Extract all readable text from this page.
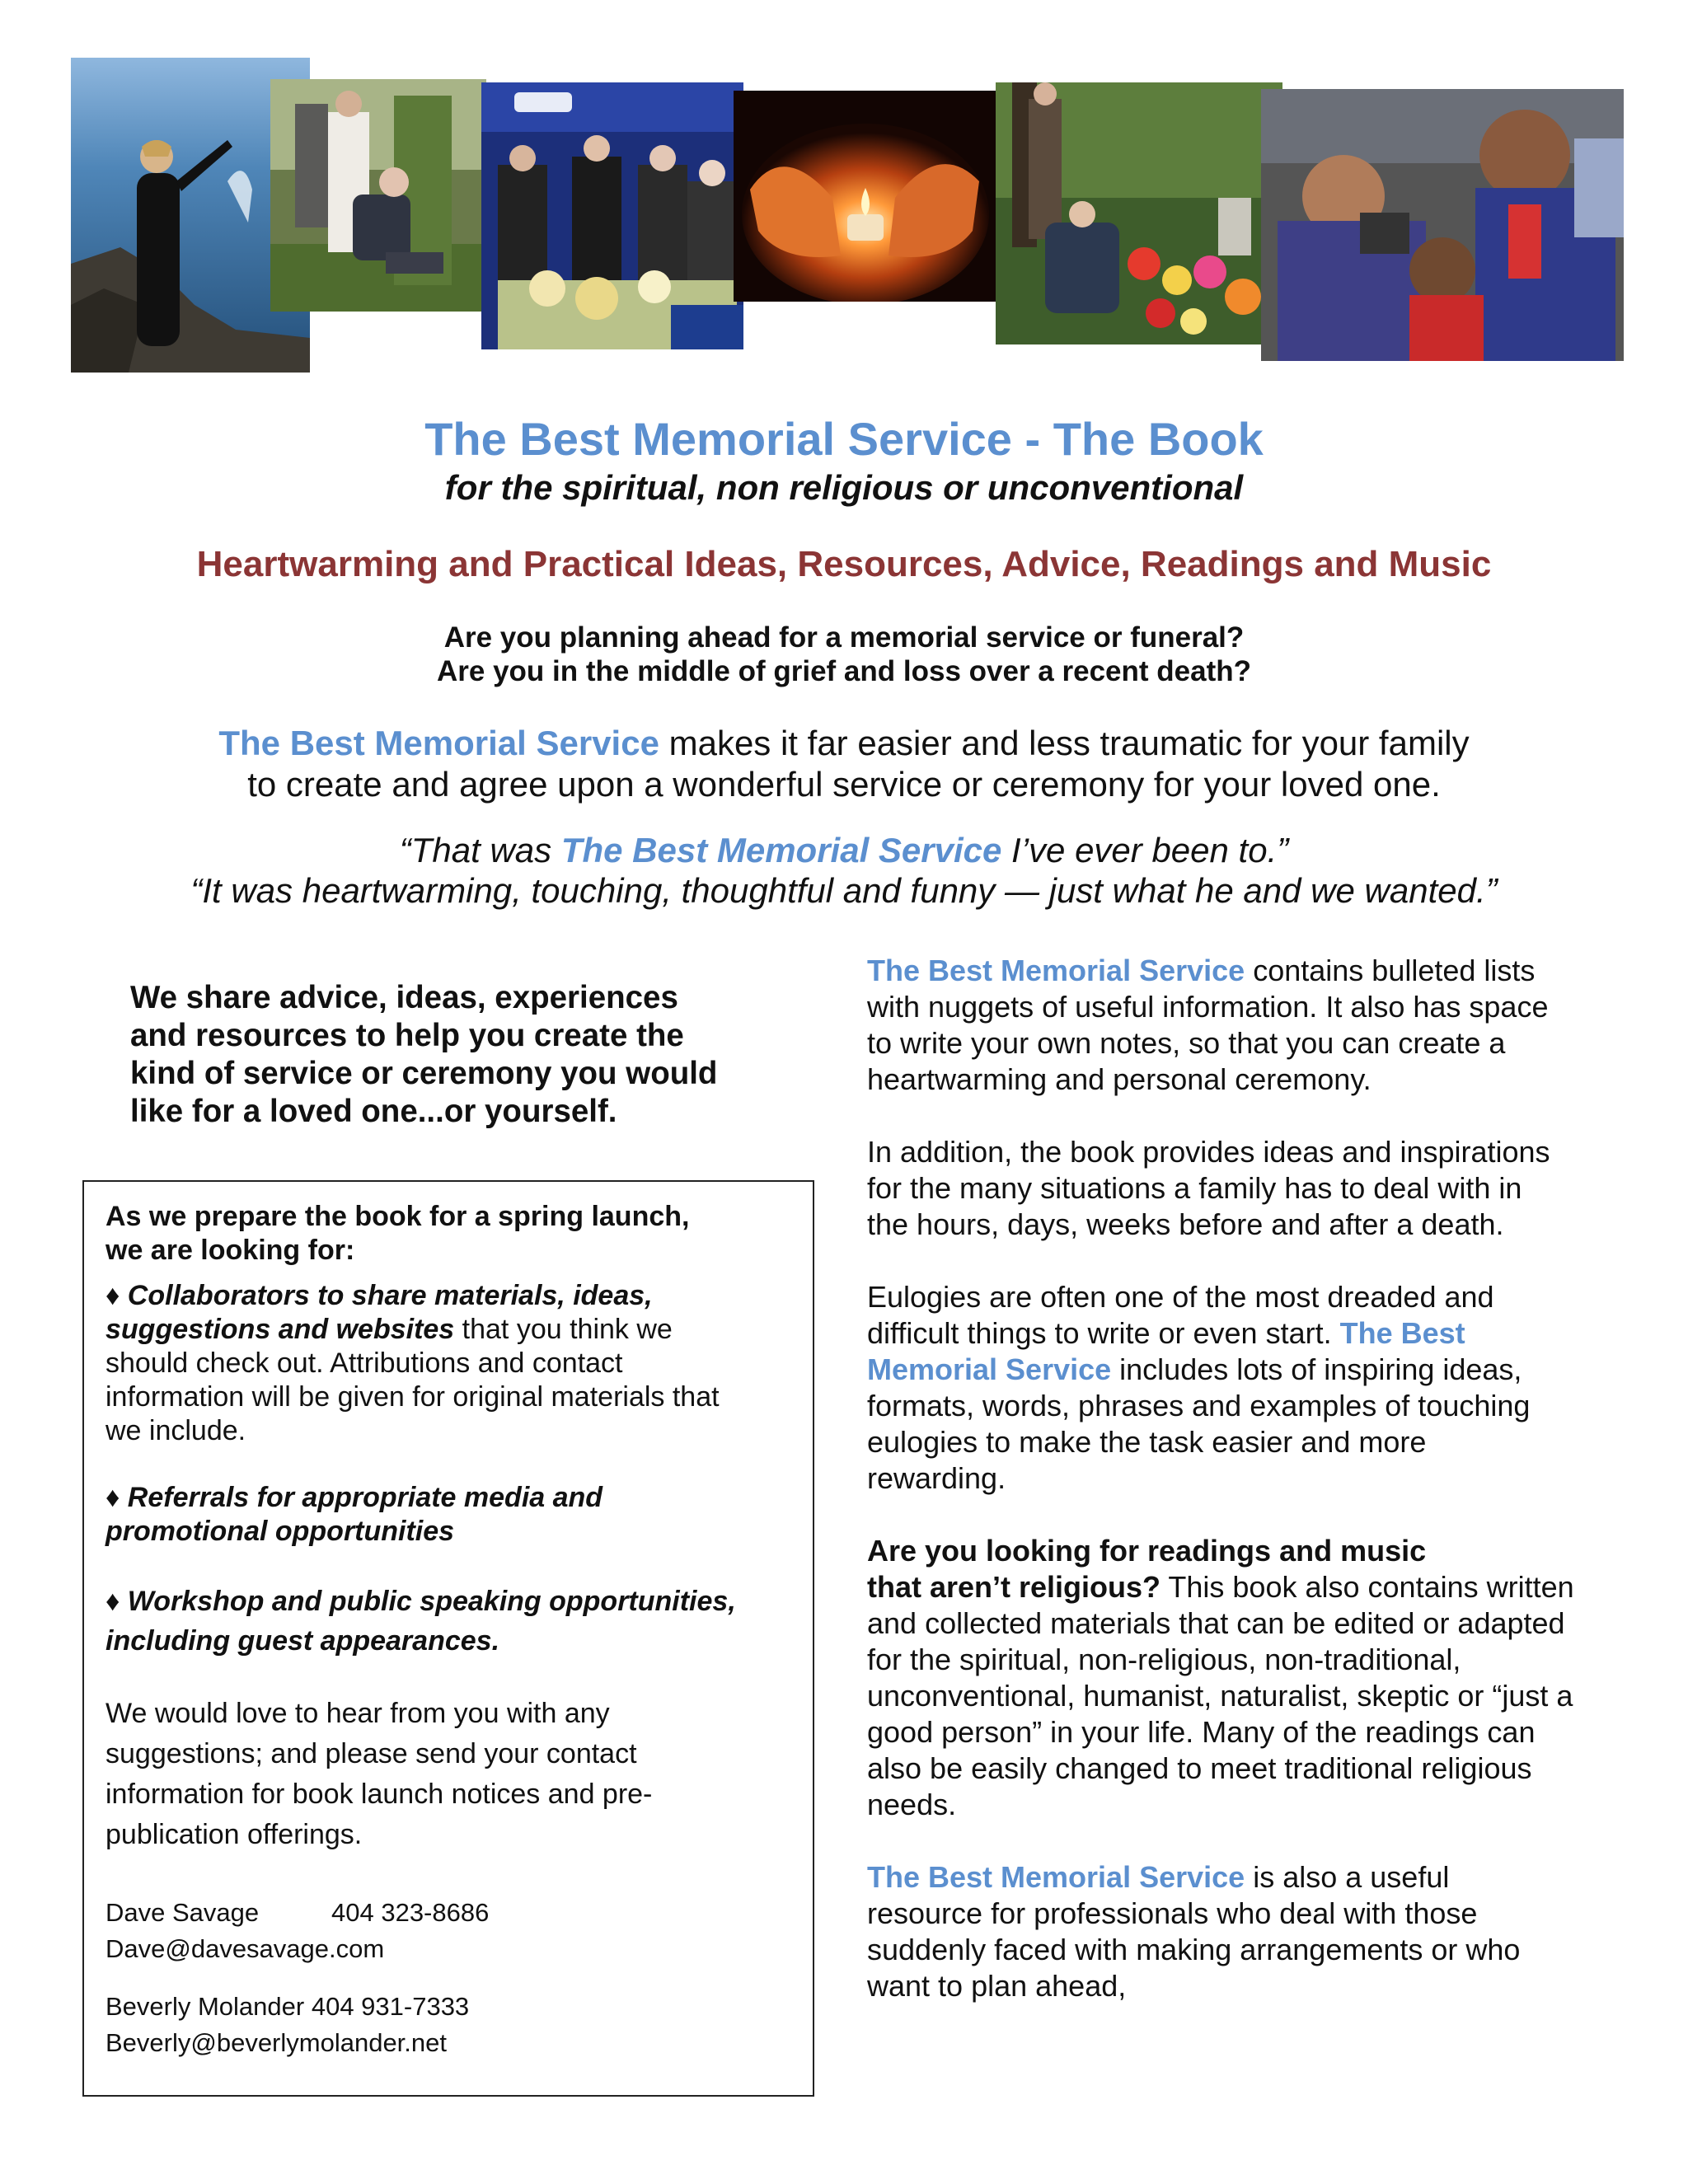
The Best Memorial Service - The Book
for the spiritual, non religious or unconventional
Heartwarming and Practical Ideas, Resources, Advice, Readings and Music
Are you planning ahead for a memorial service or funeral?
Are you in the middle of grief and loss over a recent death?
The Best Memorial Service makes it far easier and less traumatic for your family
to create and agree upon a wonderful service or ceremony for your loved one.
“That was The Best Memorial Service I’ve ever been to.”
“It was heartwarming, touching, thoughtful and funny — just what he and we wanted.”
We share advice, ideas, experiences
and resources to help you create the
kind of service or ceremony you would
like for a loved one...or yourself.
As we prepare the book for a spring launch,
we are looking for:
♦ Collaborators to share materials, ideas,
suggestions and websites that you think we
should check out. Attributions and contact
information will be given for original materials that
we include.
♦ Referrals for appropriate media and
promotional opportunities
♦ Workshop and public speaking opportunities,
including guest appearances.
We would love to hear from you with any
suggestions; and please send your contact
information for book launch notices and pre-
publication offerings.
Dave Savage	404 323-8686
Dave@davesavage.com
Beverly Molander 404 931-7333
Beverly@beverlymolander.net
The Best Memorial Service contains bulleted lists
with nuggets of useful information. It also has space
to write your own notes, so that you can create a
heartwarming and personal ceremony.
In addition, the book provides ideas and inspirations
for the many situations a family has to deal with in
the hours, days, weeks before and after a death.
Eulogies are often one of the most dreaded and
difficult things to write or even start. The Best
Memorial Service includes lots of inspiring ideas,
formats, words, phrases and examples of touching
eulogies to make the task easier and more
rewarding.
Are you looking for readings and music
that aren’t religious? This book also contains written
and collected materials that can be edited or adapted
for the spiritual, non-religious, non-traditional,
unconventional, humanist, naturalist, skeptic or “just a
good person” in your life. Many of the readings can
also be easily changed to meet traditional religious
needs.
The Best Memorial Service is also a useful
resource for professionals who deal with those
suddenly faced with making arrangements or who
want to plan ahead,
